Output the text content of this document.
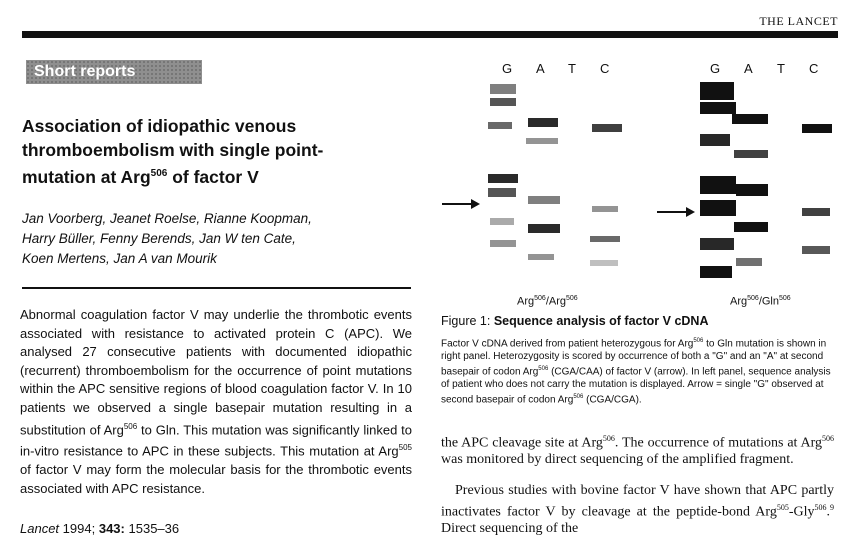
THE LANCET
Short reports
Association of idiopathic venous
thromboembolism with single point-
mutation at Arg$^{506}$ of factor V
Jan Voorberg, Jeanet Roelse, Rianne Koopman,
Harry Büller, Fenny Berends, Jan W ten Cate,
Koen Mertens, Jan A van Mourik

Abnormal coagulation factor V may underlie the thrombotic events associated with resistance to activated protein C (APC). We analysed 27 consecutive patients with documented idiopathic (recurrent) thromboembolism for the occurrence of point mutations within the APC sensitive regions of blood coagulation factor V. In 10 patients we observed a single basepair mutation resulting in a substitution of Arg$^{506}$ to Gln. This mutation was significantly linked to in-vitro resistance to APC in these subjects. This mutation at Arg$^{505}$ of factor V may form the molecular basis for the thrombotic events associated with APC resistance.

Lancet 1994; 343: 1535–36
G A T C	G A T C
Arg$^{506}$/Arg$^{506}$	Arg$^{506}$/Gln$^{506}$

Figure 1: Sequence analysis of factor V cDNA

Factor V cDNA derived from patient heterozygous for Arg$^{506}$ to Gln mutation is shown in right panel. Heterozygosity is scored by occurrence of both a "G" and an "A" at second basepair of codon Arg$^{506}$ (CGA/CAA) of factor V (arrow). In left panel, sequence analysis of patient who does not carry the mutation is displayed. Arrow = single "G" observed at second basepair of codon Arg$^{506}$ (CGA/CGA).

the APC cleavage site at Arg$^{506}$. The occurrence of mutations at Arg$^{506}$ was monitored by direct sequencing of the amplified fragment.

Previous studies with bovine factor V have shown that APC partly inactivates factor V by cleavage at the peptide-bond Arg$^{505}$-Gly$^{506}$.$^9$ Direct sequencing of the
